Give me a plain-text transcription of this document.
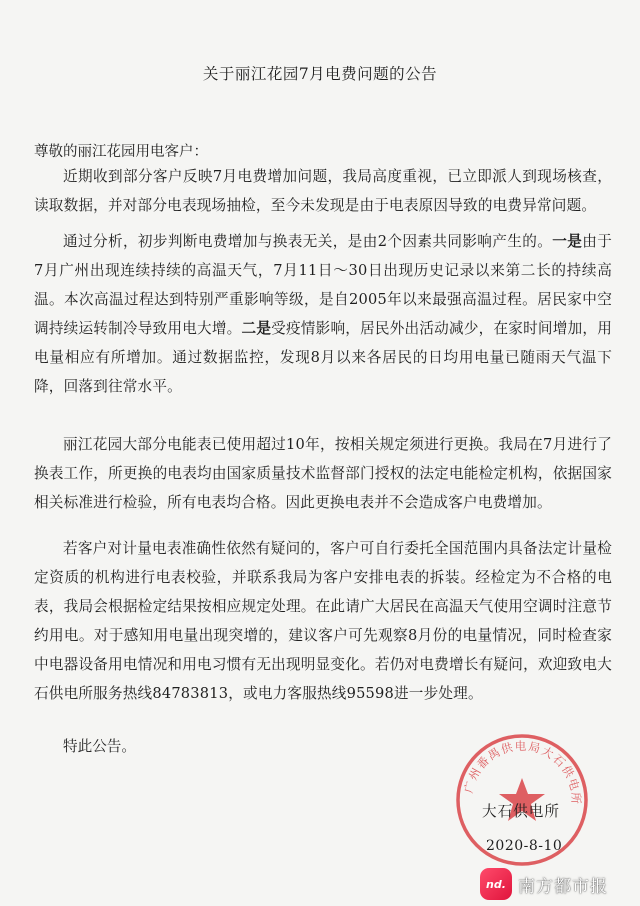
关于丽江花园7月电费问题的公告
尊敬的丽江花园用电客户：

近期收到部分客户反映7月电费增加问题，我局高度重视，已立即派人到现场核查，读取数据，并对部分电表现场抽检，至今未发现是由于电表原因导致的电费异常问题。

通过分析，初步判断电费增加与换表无关，是由2个因素共同影响产生的。一是由于7月广州出现连续持续的高温天气，7月11日～30日出现历史记录以来第二长的持续高温。本次高温过程达到特别严重影响等级，是自2005年以来最强高温过程。居民家中空调持续运转制冷导致用电大增。二是受疫情影响，居民外出活动减少，在家时间增加，用电量相应有所增加。通过数据监控，发现8月以来各居民的日均用电量已随雨天气温下降，回落到往常水平。

丽江花园大部分电能表已使用超过10年，按相关规定须进行更换。我局在7月进行了换表工作，所更换的电表均由国家质量技术监督部门授权的法定电能检定机构，依据国家相关标准进行检验，所有电表均合格。因此更换电表并不会造成客户电费增加。

若客户对计量电表准确性依然有疑问的，客户可自行委托全国范围内具备法定计量检定资质的机构进行电表校验，并联系我局为客户安排电表的拆装。经检定为不合格的电表，我局会根据检定结果按相应规定处理。在此请广大居民在高温天气使用空调时注意节约用电。对于感知用电量出现突增的，建议客户可先观察8月份的电量情况，同时检查家中电器设备用电情况和用电习惯有无出现明显变化。若仍对电费增长有疑问，欢迎致电大石供电所服务热线84783813，或电力客服热线95598进一步处理。

特此公告。
广州番禺供电局大石供电所
大石供电所
2020-8-10
nd. 南方都市报
